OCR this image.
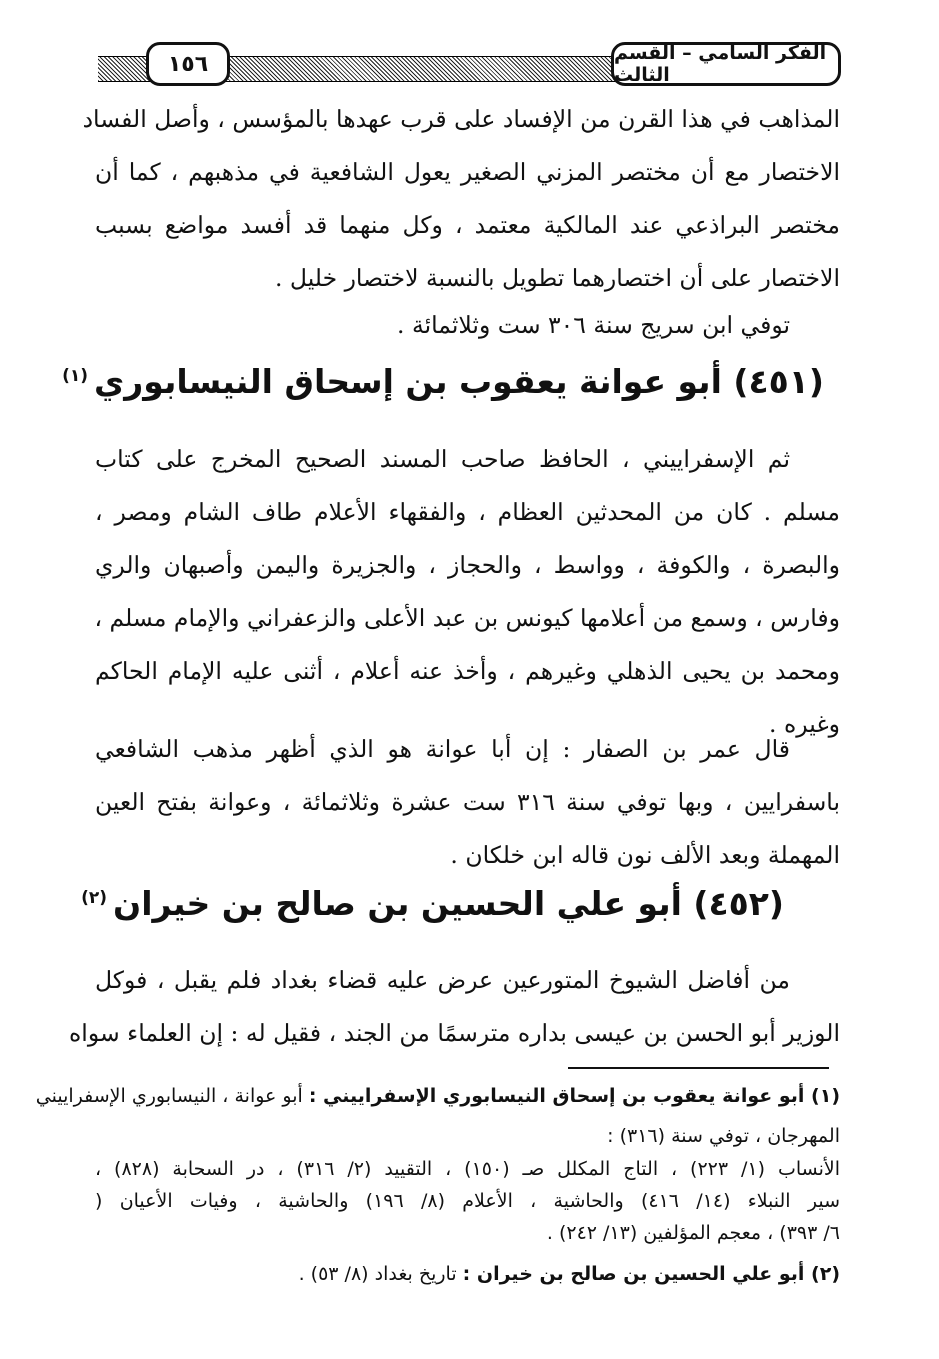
الفكر السامي – القسم الثالث
١٥٦
المذاهب في هذا القرن من الإفساد على قرب عهدها بالمؤسس ، وأصل الفساد
الاختصار مع أن مختصر المزني الصغير يعول الشافعية في مذهبهم ، كما أن
مختصر البراذعي عند المالكية معتمد ، وكل منهما قد أفسد مواضع بسبب
الاختصار على أن اختصارهما تطويل بالنسبة لاختصار خليل .
توفي ابن سريج سنة ٣٠٦ ست وثلاثمائة .
(٤٥١) أبو عوانة يعقوب بن إسحاق النيسابوري$^{(١)}$
ثم الإسفراييني ، الحافظ صاحب المسند الصحيح المخرج على كتاب
مسلم . كان من المحدثين العظام ، والفقهاء الأعلام طاف الشام ومصر ،
والبصرة ، والكوفة ، وواسط ، والحجاز ، والجزيرة واليمن وأصبهان والري
وفارس ، وسمع من أعلامها كيونس بن عبد الأعلى والزعفراني والإمام مسلم ،
ومحمد بن يحيى الذهلي وغيرهم ، وأخذ عنه أعلام ، أثنى عليه الإمام الحاكم
وغيره .
قال عمر بن الصفار : إن أبا عوانة هو الذي أظهر مذهب الشافعي
باسفرايين ، وبها توفي سنة ٣١٦ ست عشرة وثلاثمائة ، وعوانة بفتح العين
المهملة وبعد الألف نون قاله ابن خلكان .
(٤٥٢) أبو علي الحسين بن صالح بن خيران$^{(٢)}$
من أفاضل الشيوخ المتورعين عرض عليه قضاء بغداد فلم يقبل ، فوكل
الوزير أبو الحسن بن عيسى بداره مترسمًا من الجند ، فقيل له : إن العلماء سواه
(١) أبو عوانة يعقوب بن إسحاق النيسابوري الإسفراييني : أبو عوانة ، النيسابوري الإسفراييني
المهرجان ، توفي سنة (٣١٦) :
الأنساب (١/ ٢٢٣) ، التاج المكلل صـ (١٥٠) ، التقييد (٢/ ٣١٦) ، در السحابة (٨٢٨) ،
سير النبلاء (١٤/ ٤١٦) والحاشية ، الأعلام (٨/ ١٩٦) والحاشية ، وفيات الأعيان (
٦/ ٣٩٣) ، معجم المؤلفين (١٣/ ٢٤٢) .
(٢) أبو علي الحسين بن صالح بن خيران : تاريخ بغداد (٨/ ٥٣) .
